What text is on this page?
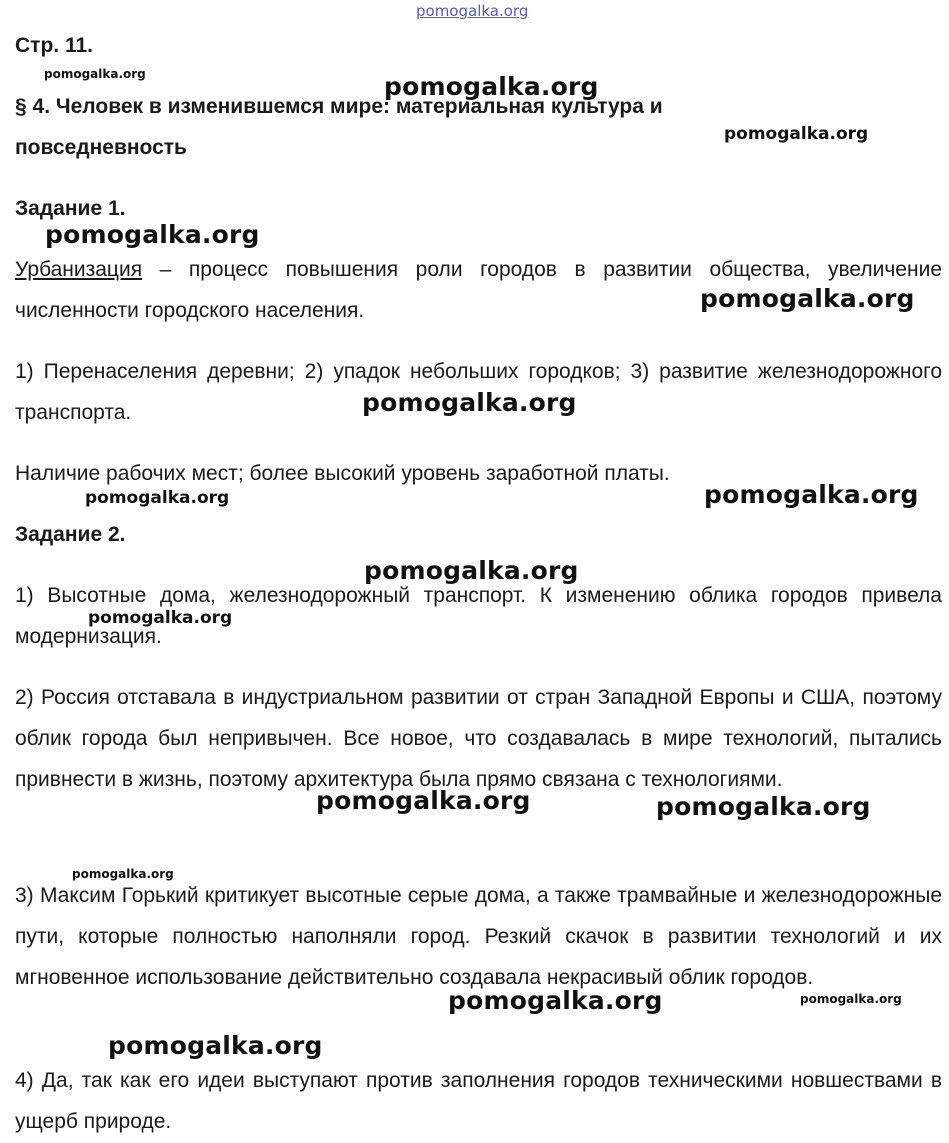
pomogalka.org
Стр. 11.
§ 4. Человек в изменившемся мире: материальная культура и
повседневность
Задание 1.

Урбанизация – процесс повышения роли городов в развитии общества, увеличение численности городского населения.

1) Перенаселения деревни; 2) упадок небольших городков; 3) развитие железнодорожного транспорта.

Наличие рабочих мест; более высокий уровень заработной платы.

Задание 2.

1) Высотные дома, железнодорожный транспорт. К изменению облика городов привела модернизация.

2) Россия отставала в индустриальном развитии от стран Западной Европы и США, поэтому облик города был непривычен. Все новое, что создавалась в мире технологий, пытались привнести в жизнь, поэтому архитектура была прямо связана с технологиями.

3) Максим Горький критикует высотные серые дома, а также трамвайные и железнодорожные пути, которые полностью наполняли город. Резкий скачок в развитии технологий и их мгновенное использование действительно создавала некрасивый облик городов.

4) Да, так как его идеи выступают против заполнения городов техническими новшествами в ущерб природе.

pomogalka.org	pomogalka.org
pomogalka.org
pomogalka.org
pomogalka.org
pomogalka.org
pomogalka.org	pomogalka.org
pomogalka.org
pomogalka.org
pomogalka.org	pomogalka.org
pomogalka.org
pomogalka.org	pomogalka.org
pomogalka.org
